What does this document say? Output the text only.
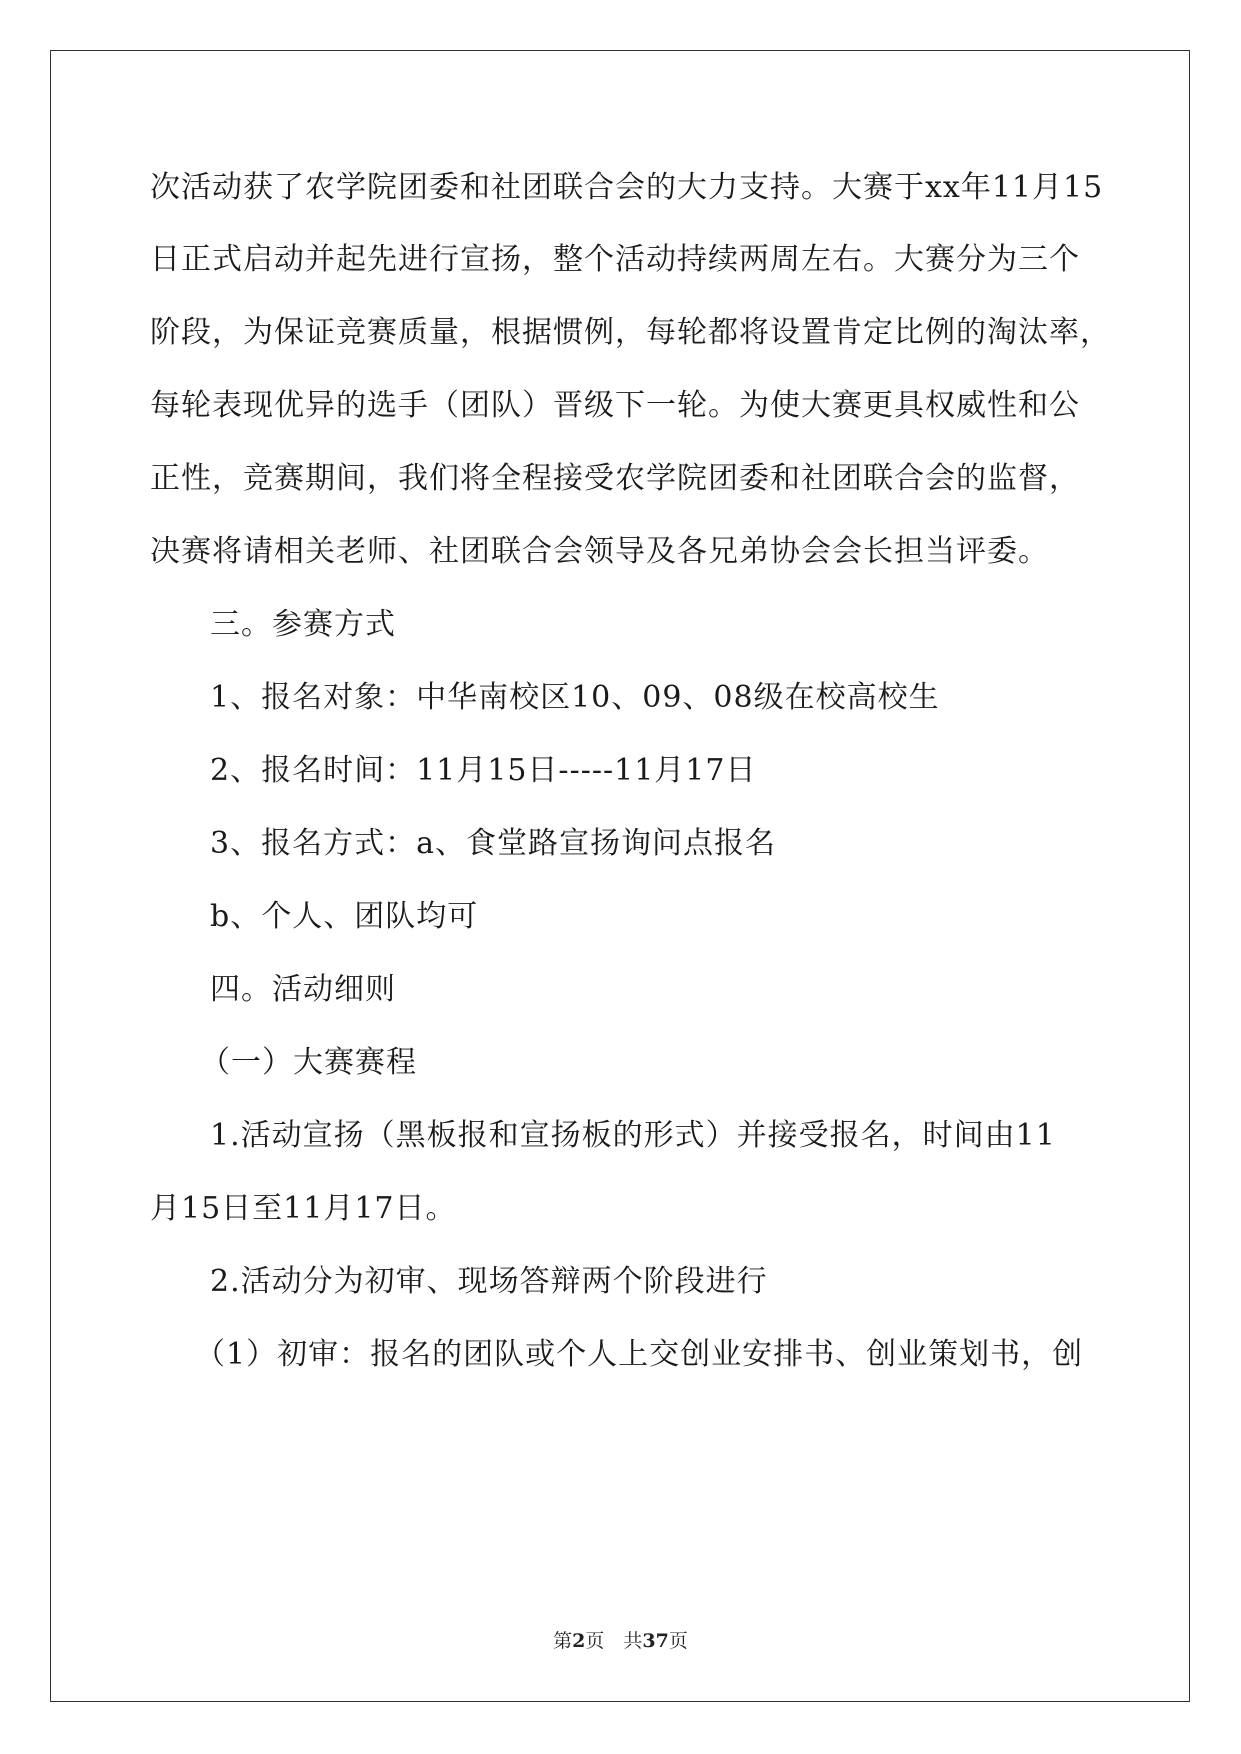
次活动获了农学院团委和社团联合会的大力支持。大赛于xx年11月15
日正式启动并起先进行宣扬，整个活动持续两周左右。大赛分为三个
阶段，为保证竞赛质量，根据惯例，每轮都将设置肯定比例的淘汰率，
每轮表现优异的选手（团队）晋级下一轮。为使大赛更具权威性和公
正性，竞赛期间，我们将全程接受农学院团委和社团联合会的监督，
决赛将请相关老师、社团联合会领导及各兄弟协会会长担当评委。
三。参赛方式
1、报名对象：中华南校区10、09、08级在校高校生
2、报名时间：11月15日-----11月17日
3、报名方式：a、食堂路宣扬询问点报名
b、个人、团队均可
四。活动细则
（一）大赛赛程
1.活动宣扬（黑板报和宣扬板的形式）并接受报名，时间由11
月15日至11月17日。
2.活动分为初审、现场答辩两个阶段进行
（1）初审：报名的团队或个人上交创业安排书、创业策划书，创
第2页　共37页
